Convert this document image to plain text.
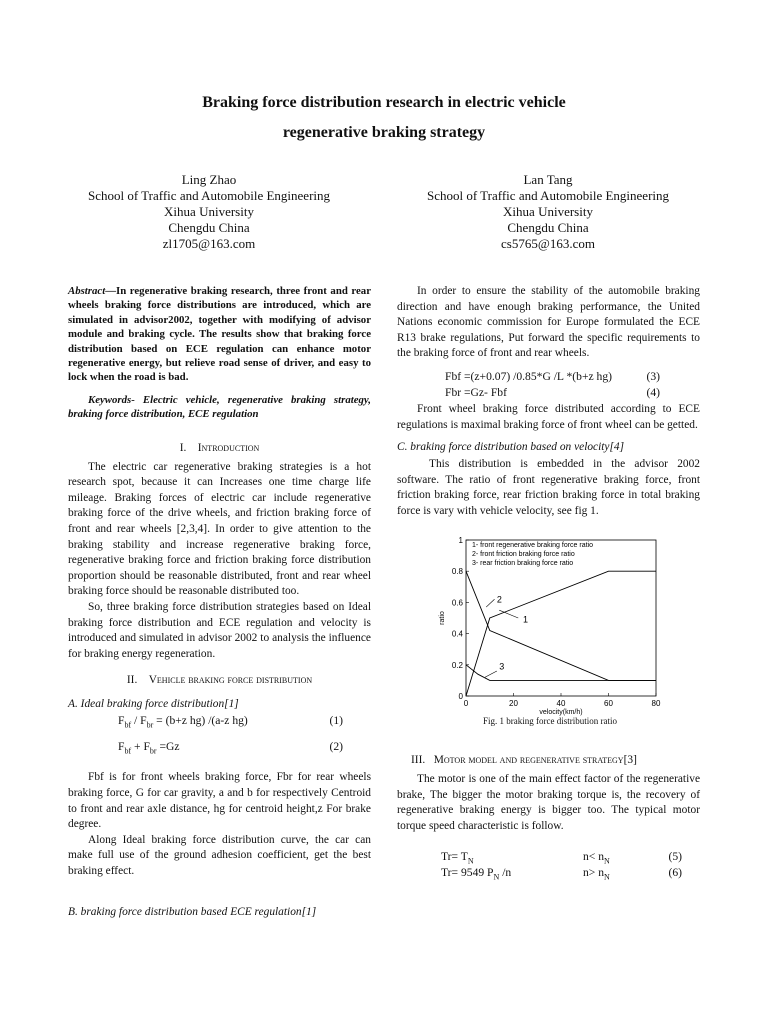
Braking force distribution research in electric vehicle
regenerative braking strategy
Ling Zhao
School of Traffic and Automobile Engineering
Xihua University
Chengdu China
zl1705@163.com
Lan Tang
School of Traffic and Automobile Engineering
Xihua University
Chengdu China
cs5765@163.com
Abstract—In regenerative braking research, three front and rear wheels braking force distributions are introduced, which are simulated in advisor2002, together with modifying of advisor module and braking cycle. The results show that braking force distribution based on ECE regulation can enhance motor regenerative energy, but relieve road sense of driver, and easy to lock when the road is bad.
Keywords- Electric vehicle, regenerative braking strategy, braking force distribution, ECE regulation
I. Introduction

The electric car regenerative braking strategies is a hot research spot, because it can Increases one time charge life mileage. Braking forces of electric car include regenerative braking force of the drive wheels, and friction braking force of front and rear wheels [2,3,4]. In order to give attention to the braking stability and increase regenerative braking force, regenerative braking force and friction braking force distribution proportion should be reasonable distributed, front and rear wheel braking force should be reasonable distributed too.

So, three braking force distribution strategies based on Ideal braking force distribution and ECE regulation and velocity is introduced and simulated in advisor 2002 to analysis the influence for braking energy regeneration.

II. Vehicle braking force distribution
A. Ideal braking force distribution[1]
$F_{bf} / F_{br} = (b+z$ hg) /(a-z hg)	(1)
$F_{bf} + F_{br} =Gz$	(2)

Fbf is for front wheels braking force, Fbr for rear wheels braking force, G for car gravity, a and b for respectively Centroid to front and rear axle distance, hg for centroid height,z For brake degree.

Along Ideal braking force distribution curve, the car can make full use of the ground adhesion coefficient, get the best braking effect.

B. braking force distribution based ECE regulation[1]

In order to ensure the stability of the automobile braking direction and have enough braking performance, the United Nations economic commission for Europe formulated the ECE R13 brake regulations, Put forward the specific requirements to the braking force of front and rear wheels.

Fbf =(z+0.07) /0.85*G /L *(b+z hg)	(3)
Fbr =Gz- Fbf	(4)

Front wheel braking force distributed according to ECE regulations is maximal braking force of front wheel can be getted.

C. braking force distribution based on velocity[4]

This distribution is embedded in the advisor 2002 software. The ratio of front regenerative braking force, front friction braking force, rear friction braking force in total braking force is vary with vehicle velocity, see fig 1.

0	20	40	60	80
0
0.2
0.4
0.6
0.8
1
velocity(km/h)
ratio
1- front regenerative braking force ratio
2- front friction braking force ratio
3- rear friction braking force ratio
2
1
3
Fig. 1 braking force distribution ratio
III. Motor model and regenerative strategy[3]

The motor is one of the main effect factor of the regenerative brake, The bigger the motor braking torque is, the recovery of regenerative braking energy is bigger too. The typical motor torque speed characteristic is follow.

$Tr= T_N$	$n< n_N$	(5)
Tr= 9549 $P_N$ /n	$n> n_N$	(6)
